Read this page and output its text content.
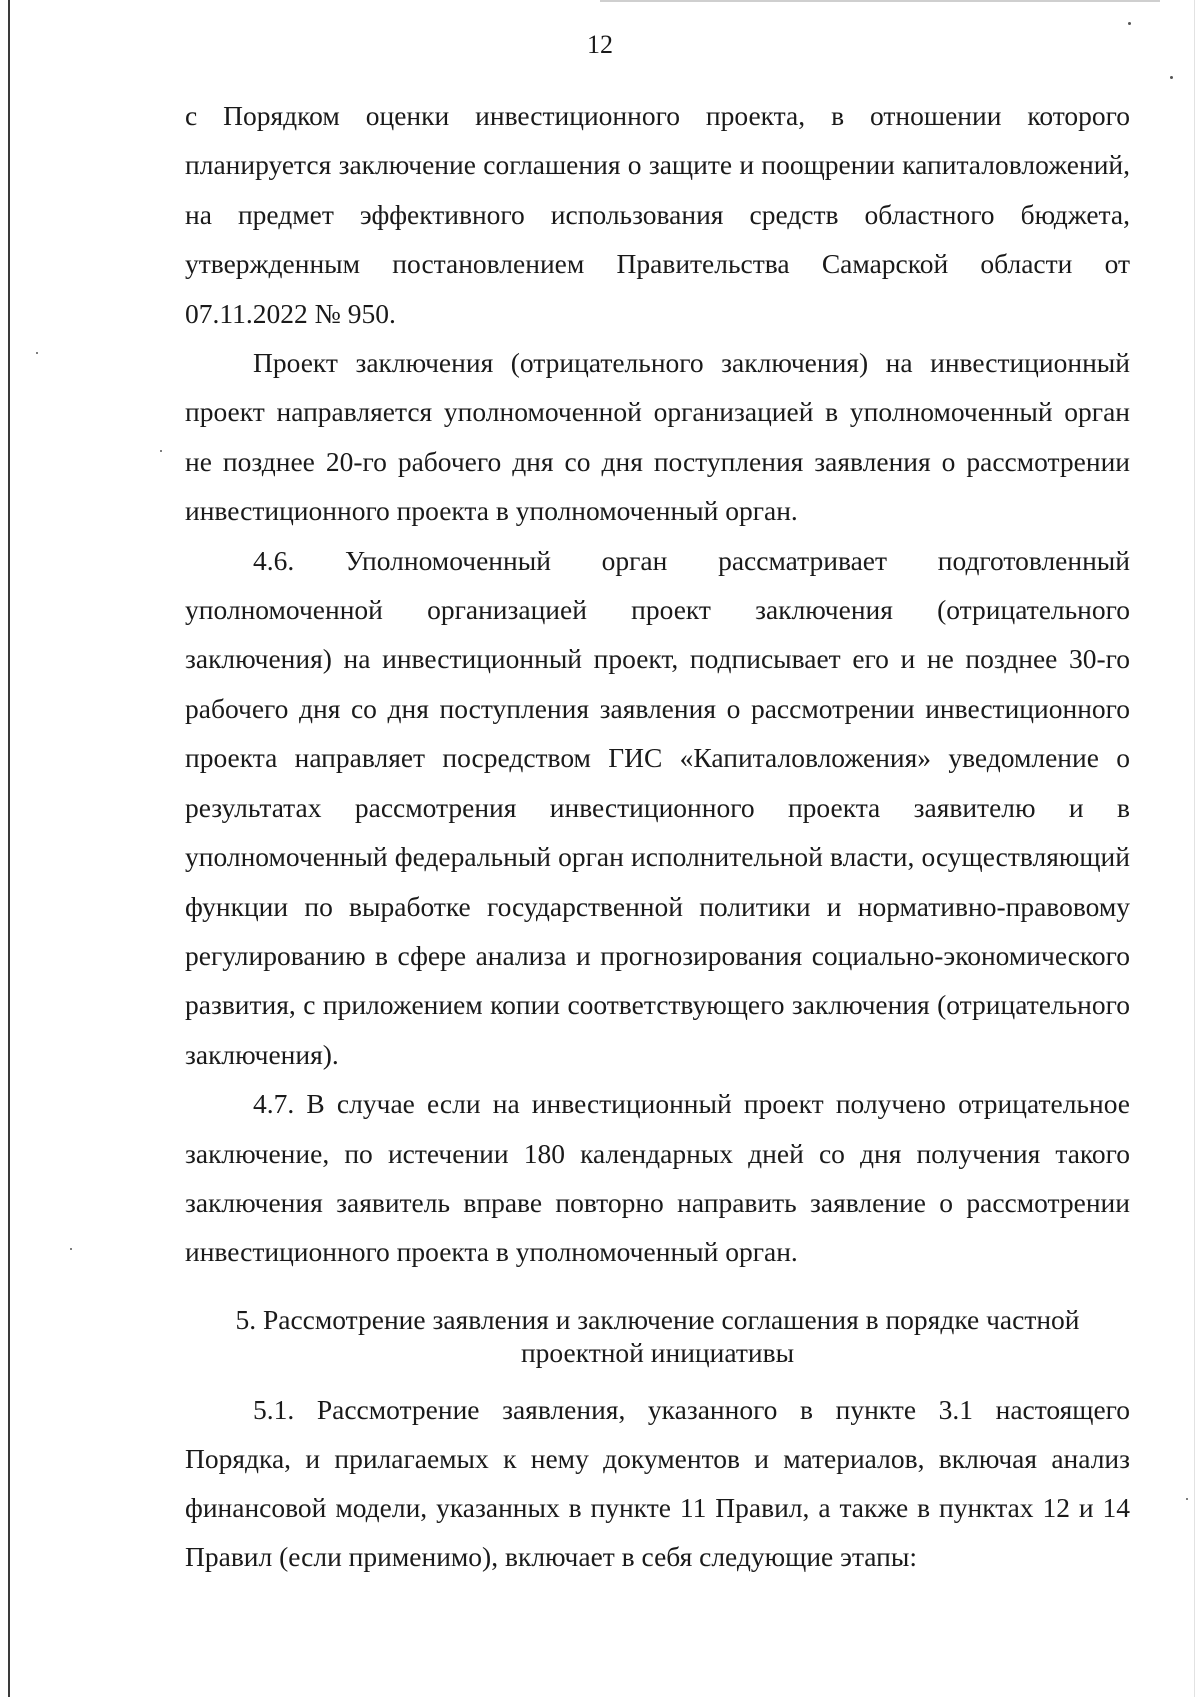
12

с Порядком оценки инвестиционного проекта, в отношении которого планируется заключение соглашения о защите и поощрении капиталовложений, на предмет эффективного использования средств областного бюджета, утвержденным постановлением Правительства Самарской области от 07.11.2022 № 950.

Проект заключения (отрицательного заключения) на инвестиционный проект направляется уполномоченной организацией в уполномоченный орган не позднее 20-го рабочего дня со дня поступления заявления о рассмотрении инвестиционного проекта в уполномоченный орган.

4.6. Уполномоченный орган рассматривает подготовленный уполномоченной организацией проект заключения (отрицательного заключения) на инвестиционный проект, подписывает его и не позднее 30-го рабочего дня со дня поступления заявления о рассмотрении инвестиционного проекта направляет посредством ГИС «Капиталовложения» уведомление о результатах рассмотрения инвестиционного проекта заявителю и в уполномоченный федеральный орган исполнительной власти, осуществляющий функции по выработке государственной политики и нормативно-правовому регулированию в сфере анализа и прогнозирования социально-экономического развития, с приложением копии соответствующего заключения (отрицательного заключения).

4.7. В случае если на инвестиционный проект получено отрицательное заключение, по истечении 180 календарных дней со дня получения такого заключения заявитель вправе повторно направить заявление о рассмотрении инвестиционного проекта в уполномоченный орган.

5. Рассмотрение заявления и заключение соглашения в порядке частной
проектной инициативы

5.1. Рассмотрение заявления, указанного в пункте 3.1 настоящего Порядка, и прилагаемых к нему документов и материалов, включая анализ финансовой модели, указанных в пункте 11 Правил, а также в пунктах 12 и 14 Правил (если применимо), включает в себя следующие этапы:
